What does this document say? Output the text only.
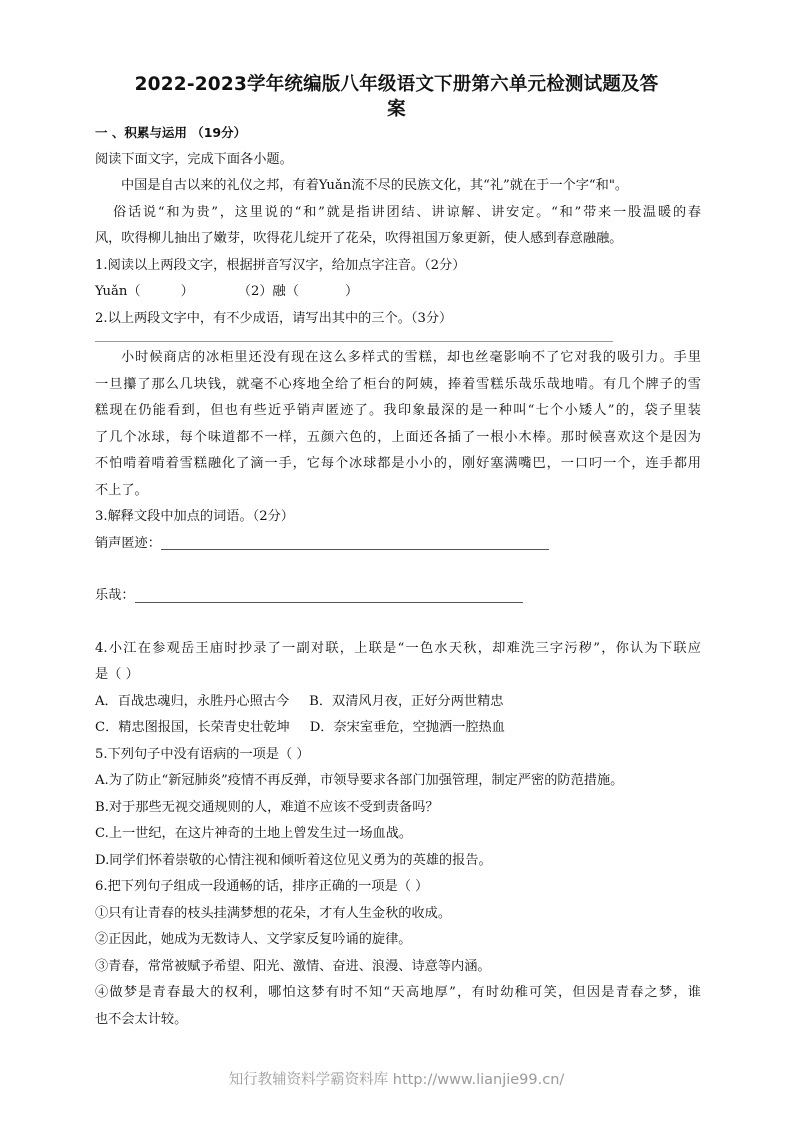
2022-2023学年统编版八年级语文下册第六单元检测试题及答
案
一 、积累与运用 （19分）
阅读下面文字，完成下面各小题。
中国是自古以来的礼仪之邦，有着Yuǎn流不尽的民族文化，其“礼”就在于一个字“和"。
俗话说“和为贵”，这里说的“和”就是指讲团结、讲谅解、讲安定。“和”带来一股温暖的春
风，吹得柳儿抽出了嫩芽，吹得花儿绽开了花朵，吹得祖国万象更新，使人感到春意融融。
1.阅读以上两段文字，根据拼音写汉字，给加点字注音。（2分）
Yuǎn（	）	（2）融（	）
2.以上两段文字中，有不少成语，请写出其中的三个。（3分）
小时候商店的冰柜里还没有现在这么多样式的雪糕，却也丝毫影响不了它对我的吸引力。手里
一旦攥了那么几块钱，就毫不心疼地全给了柜台的阿姨，捧着雪糕乐哉乐哉地啃。有几个牌子的雪
糕现在仍能看到，但也有些近乎销声匿迹了。我印象最深的是一种叫“七个小矮人”的，袋子里装
了几个冰球，每个味道都不一样，五颜六色的，上面还各插了一根小木棒。那时候喜欢这个是因为
不怕啃着啃着雪糕融化了滴一手，它每个冰球都是小小的，刚好塞满嘴巴，一口叼一个，连手都用
不上了。
3.解释文段中加点的词语。（2分）
销声匿迹：
乐哉：
4.小江在参观岳王庙时抄录了一副对联，上联是“一色水天秋，却难洗三字污秽”，你认为下联应
是（ ）
A．百战忠魂归，永胜丹心照古今 B．双清风月夜，正好分两世精忠
C．精忠图报国，长荣青史壮乾坤 D．奈宋室垂危，空抛洒一腔热血
5.下列句子中没有语病的一项是（ ）
A.为了防止“新冠肺炎”疫情不再反弹，市领导要求各部门加强管理，制定严密的防范措施。
B.对于那些无视交通规则的人，难道不应该不受到责备吗？
C.上一世纪，在这片神奇的土地上曾发生过一场血战。
D.同学们怀着崇敬的心情注视和倾听着这位见义勇为的英雄的报告。
6.把下列句子组成一段通畅的话，排序正确的一项是（ ）
①只有让青春的枝头挂满梦想的花朵，才有人生金秋的收成。
②正因此，她成为无数诗人、文学家反复吟诵的旋律。
③青春，常常被赋予希望、阳光、激情、奋进、浪漫、诗意等内涵。
④做梦是青春最大的权利，哪怕这梦有时不知“天高地厚”，有时幼稚可笑，但因是青春之梦，谁
也不会太计较。
知行教辅资料学霸资料库 http://www.lianjie99.cn/
